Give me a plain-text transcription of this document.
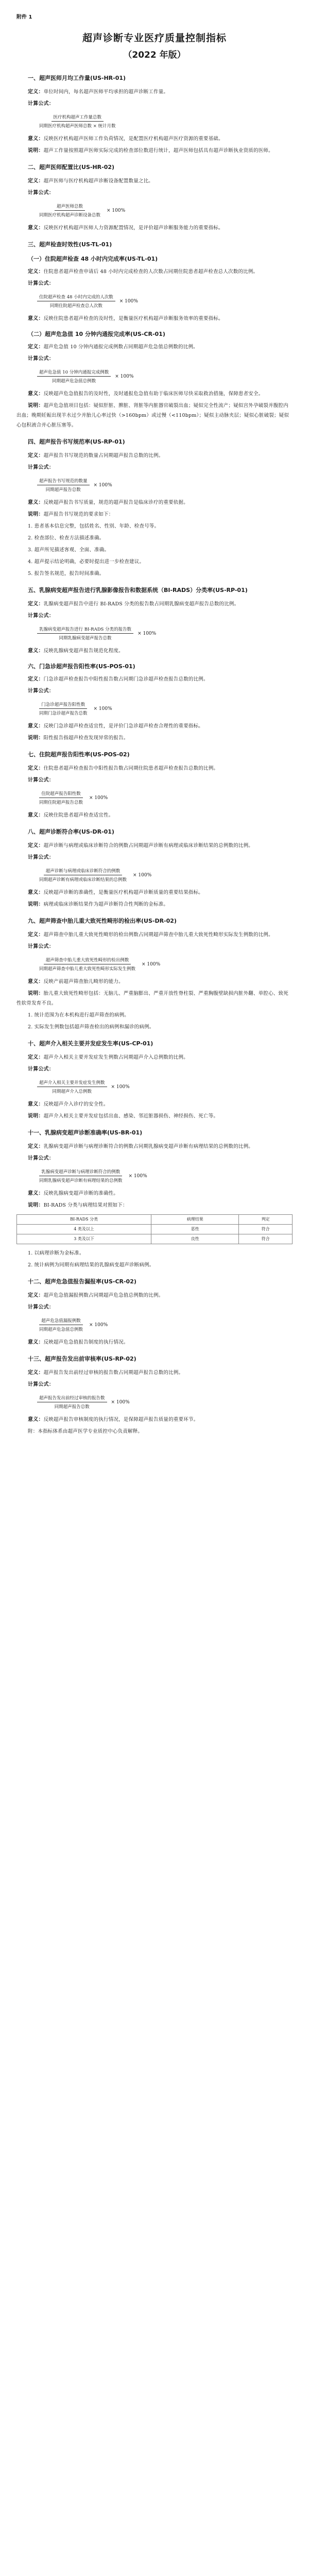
附件 1
超声诊断专业医疗质量控制指标
（2022 年版）
一、超声医师月均工作量(US-HR-01)

定义：单位时间内，每名超声医师平均承担的超声诊断工作量。

计算公式：

$\frac{\text{医疗机构超声工作量总数}}{\text{同期医疗机构超声医师总数 × 统计月数}}$

意义：反映医疗机构超声医师工作负荷情况，是配置医疗机构超声医疗资源的重要基础。

说明：超声工作量按照超声医师实际完成的检查部位数进行统计，超声医师包括具有超声诊断执业资质的医师。

二、超声医师配置比(US-HR-02)

定义：超声医师与医疗机构超声诊断设备配置数量之比。

计算公式：

$\frac{\text{超声医师总数}}{\text{同期医疗机构超声诊断设备总数}} \times 100\%$

意义：反映医疗机构超声医师人力资源配置情况，是评价超声诊断服务能力的重要指标。

三、超声检查时效性(US-TL-01)
（一）住院超声检查 48 小时内完成率(US-TL-01)

定义：住院患者超声检查申请后 48 小时内完成检查的人次数占同期住院患者超声检查总人次数的比例。

计算公式：

$\frac{\text{住院超声检查 48 小时内完成的人次数}}{\text{同期住院超声检查总人次数}} \times 100\%$

意义：反映住院患者超声检查的及时性，是衡量医疗机构超声诊断服务效率的重要指标。

（二）超声危急值 10 分钟内通报完成率(US-CR-01)

定义：超声危急值 10 分钟内通报完成例数占同期超声危急值总例数的比例。

计算公式：

$\frac{\text{超声危急值 10 分钟内通报完成例数}}{\text{同期超声危急值总例数}} \times 100\%$

意义：反映超声危急值报告的及时性，及时通报危急值有助于临床医师尽快采取救治措施，保障患者安全。

说明：超声危急值项目包括：疑似肝脏、脾脏、肾脏等内脏器官破裂出血；疑似完全性流产；疑似宫外孕破裂并腹腔内出血；晚期妊娠出现羊水过少并胎儿心率过快（>160bpm）或过慢（<110bpm）；疑似主动脉夹层；疑似心脏破裂；疑似心包积液合并心脏压塞等。

四、超声报告书写规范率(US-RP-01)

定义：超声报告书写规范的数量占同期超声报告总数的比例。

计算公式：

$\frac{\text{超声报告书写规范的数量}}{\text{同期超声报告总数}} \times 100\%$

意义：反映超声报告书写质量，规范的超声报告是临床诊疗的重要依据。

说明：超声报告书写规范的要求如下：

1. 患者基本信息完整，包括姓名、性别、年龄、检查号等。

2. 检查部位、检查方法描述准确。

3. 超声所见描述客观、全面、准确。

4. 超声提示结论明确，必要时提出进一步检查建议。

5. 报告签名规范，报告时间准确。

五、乳腺病变超声报告进行乳腺影像报告和数据系统（BI-RADS）分类率(US-RP-01)

定义：乳腺病变超声报告中进行 BI-RADS 分类的报告数占同期乳腺病变超声报告总数的比例。

计算公式：

$\frac{\text{乳腺病变超声报告进行 BI-RADS 分类的报告数}}{\text{同期乳腺病变超声报告总数}} \times 100\%$

意义：反映乳腺病变超声报告规范化程度。

六、门急诊超声报告阳性率(US-POS-01)

定义：门急诊超声检查报告中阳性报告数占同期门急诊超声检查报告总数的比例。

计算公式：

$\frac{\text{门急诊超声报告阳性数}}{\text{同期门急诊超声报告总数}} \times 100\%$

意义：反映门急诊超声检查适宜性，是评价门急诊超声检查合理性的重要指标。

说明：阳性报告指超声检查发现异常的报告。

七、住院超声报告阳性率(US-POS-02)

定义：住院患者超声检查报告中阳性报告数占同期住院患者超声检查报告总数的比例。

计算公式：

$\frac{\text{住院超声报告阳性数}}{\text{同期住院超声报告总数}} \times 100\%$

意义：反映住院患者超声检查适宜性。

八、超声诊断符合率(US-DR-01)

定义：超声诊断与病理或临床诊断符合的例数占同期超声诊断有病理或临床诊断结果的总例数的比例。

计算公式：

$\frac{\text{超声诊断与病理或临床诊断符合的例数}}{\text{同期超声诊断有病理或临床诊断结果的总例数}} \times 100\%$

意义：反映超声诊断的准确性，是衡量医疗机构超声诊断质量的重要结果指标。

说明：病理或临床诊断结果作为超声诊断符合性判断的金标准。

九、超声筛查中胎儿重大致死性畸形的检出率(US-DR-02)

定义：超声筛查中胎儿重大致死性畸形的检出例数占同期超声筛查中胎儿重大致死性畸形实际发生例数的比例。

计算公式：

$\frac{\text{超声筛查中胎儿重大致死性畸形的检出例数}}{\text{同期超声筛查中胎儿重大致死性畸形实际发生例数}} \times 100\%$

意义：反映产前超声筛查胎儿畸形的能力。

说明：胎儿重大致死性畸形包括：无脑儿、严重脑膨出、严重开放性脊柱裂、严重胸腹壁缺损内脏外翻、单腔心、致死性软骨发育不良。

1. 统计范围为在本机构进行超声筛查的病例。

2. 实际发生例数包括超声筛查检出的病例和漏诊的病例。

十、超声介入相关主要并发症发生率(US-CP-01)

定义：超声介入相关主要并发症发生例数占同期超声介入总例数的比例。

计算公式：

$\frac{\text{超声介入相关主要并发症发生例数}}{\text{同期超声介入总例数}} \times 100\%$

意义：反映超声介入诊疗的安全性。

说明：超声介入相关主要并发症包括出血、感染、邻近脏器损伤、神经损伤、死亡等。

十一、乳腺病变超声诊断准确率(US-BR-01)

定义：乳腺病变超声诊断与病理诊断符合的例数占同期乳腺病变超声诊断有病理结果的总例数的比例。

计算公式：

$\frac{\text{乳腺病变超声诊断与病理诊断符合的例数}}{\text{同期乳腺病变超声诊断有病理结果的总例数}} \times 100\%$

意义：反映乳腺病变超声诊断的准确性。

说明：BI-RADS 分类与病理结果对照如下：

BI-RADS 分类	病理结果	判定
4 类及以上	恶性	符合
3 类及以下	良性	符合

1. 以病理诊断为金标准。

2. 统计病例为同期有病理结果的乳腺病变超声诊断病例。

十二、超声危急值报告漏报率(US-CR-02)

定义：超声危急值漏报例数占同期超声危急值总例数的比例。

计算公式：

$\frac{\text{超声危急值漏报例数}}{\text{同期超声危急值总例数}} \times 100\%$

意义：反映超声危急值报告制度的执行情况。

十三、超声报告发出前审核率(US-RP-02)

定义：超声报告发出前经过审核的报告数占同期超声报告总数的比例。

计算公式：

$\frac{\text{超声报告发出前经过审核的报告数}}{\text{同期超声报告总数}} \times 100\%$

意义：反映超声报告审核制度的执行情况，是保障超声报告质量的重要环节。

附：本指标体系由超声医学专业质控中心负责解释。
